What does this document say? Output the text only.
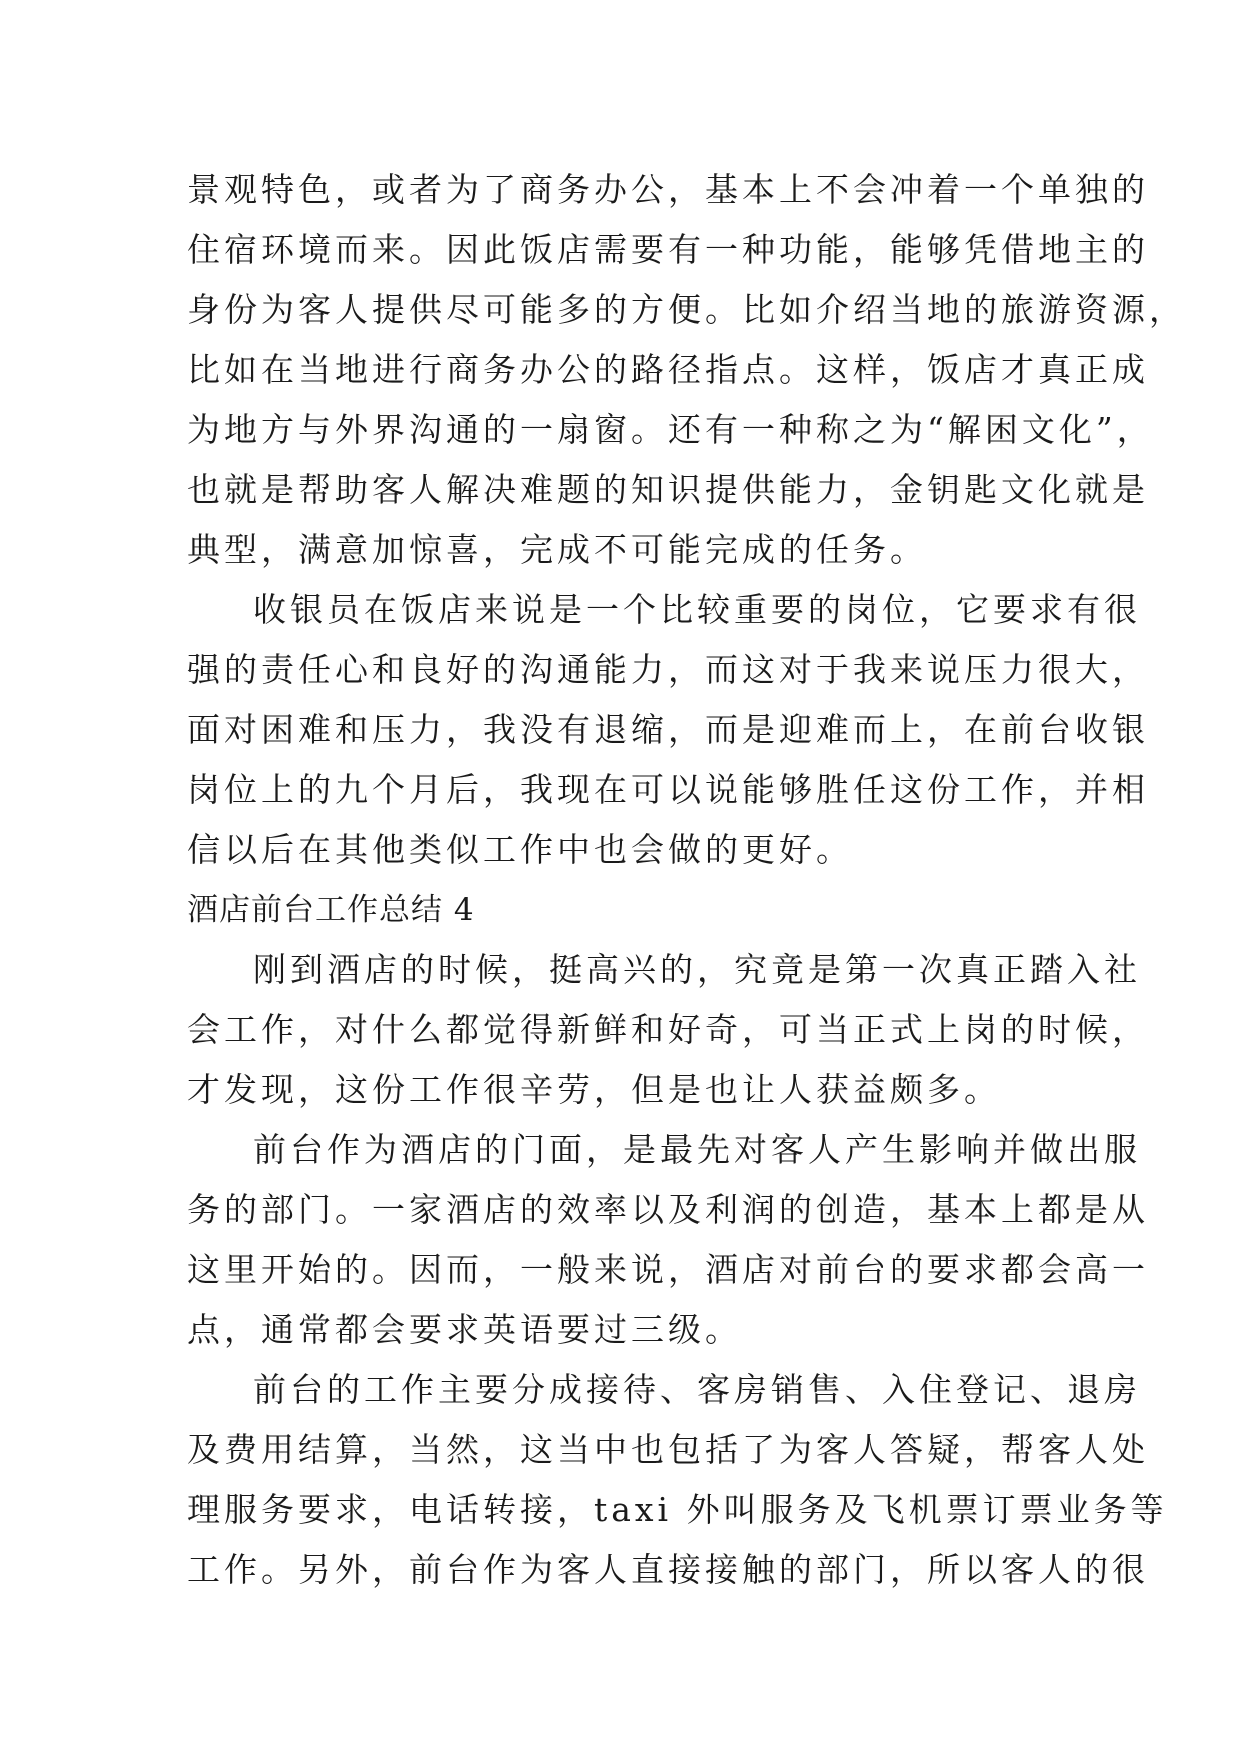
景观特色，或者为了商务办公，基本上不会冲着一个单独的
住宿环境而来。因此饭店需要有一种功能，能够凭借地主的
身份为客人提供尽可能多的方便。比如介绍当地的旅游资源，
比如在当地进行商务办公的路径指点。这样，饭店才真正成
为地方与外界沟通的一扇窗。还有一种称之为“解困文化”，
也就是帮助客人解决难题的知识提供能力，金钥匙文化就是
典型，满意加惊喜，完成不可能完成的任务。
收银员在饭店来说是一个比较重要的岗位，它要求有很
强的责任心和良好的沟通能力，而这对于我来说压力很大，
面对困难和压力，我没有退缩，而是迎难而上，在前台收银
岗位上的九个月后，我现在可以说能够胜任这份工作，并相
信以后在其他类似工作中也会做的更好。
酒店前台工作总结 4
刚到酒店的时候，挺高兴的，究竟是第一次真正踏入社
会工作，对什么都觉得新鲜和好奇，可当正式上岗的时候，
才发现，这份工作很辛劳，但是也让人获益颇多。
前台作为酒店的门面，是最先对客人产生影响并做出服
务的部门。一家酒店的效率以及利润的创造，基本上都是从
这里开始的。因而，一般来说，酒店对前台的要求都会高一
点，通常都会要求英语要过三级。
前台的工作主要分成接待、客房销售、入住登记、退房
及费用结算，当然，这当中也包括了为客人答疑，帮客人处
理服务要求，电话转接，taxi 外叫服务及飞机票订票业务等
工作。另外，前台作为客人直接接触的部门，所以客人的很
